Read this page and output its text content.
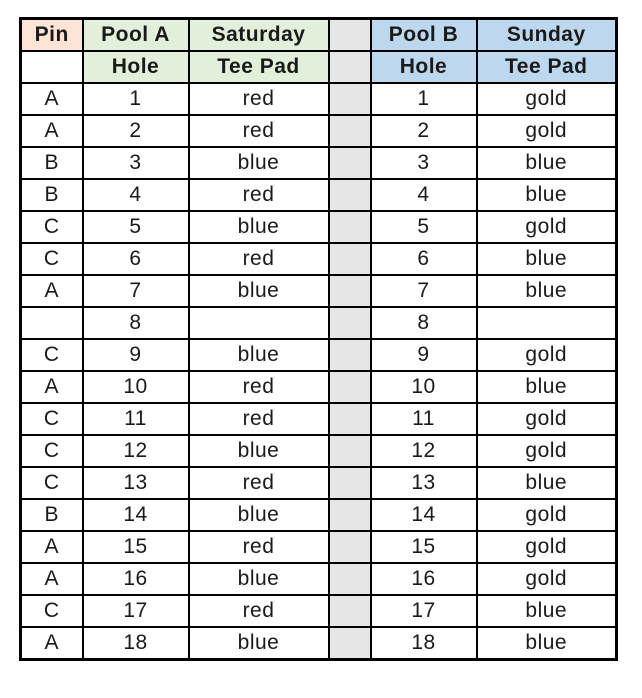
Pin	Pool A	Saturday		Pool B	Sunday
	Hole	Tee Pad		Hole	Tee Pad
A	1	red		1	gold
A	2	red		2	gold
B	3	blue		3	blue
B	4	red		4	blue
C	5	blue		5	gold
C	6	red		6	blue
A	7	blue		7	blue
	8			8	
C	9	blue		9	gold
A	10	red		10	blue
C	11	red		11	gold
C	12	blue		12	gold
C	13	red		13	blue
B	14	blue		14	gold
A	15	red		15	gold
A	16	blue		16	gold
C	17	red		17	blue
A	18	blue		18	blue
